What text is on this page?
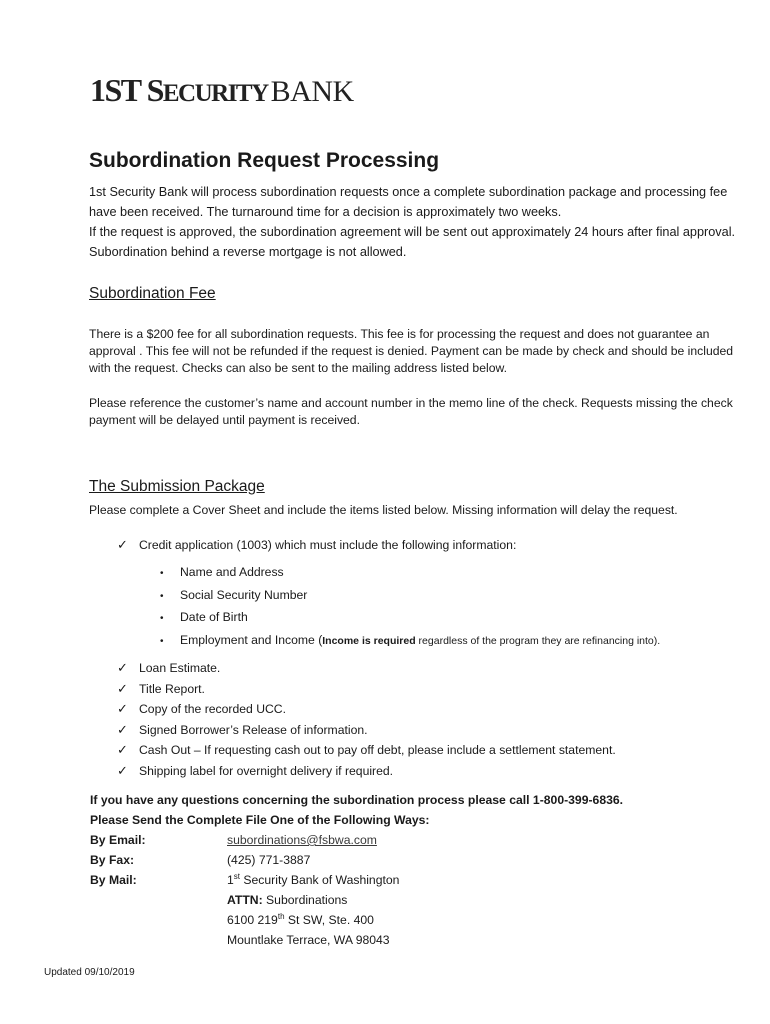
1ST SECURITY BANK
Subordination Request Processing

1st Security Bank will process subordination requests once a complete subordination package and processing fee have been received. The turnaround time for a decision is approximately two weeks.

If the request is approved, the subordination agreement will be sent out approximately 24 hours after final approval. Subordination behind a reverse mortgage is not allowed.

Subordination Fee

There is a $200 fee for all subordination requests. This fee is for processing the request and does not guarantee an approval . This fee will not be refunded if the request is denied. Payment can be made by check and should be included with the request. Checks can also be sent to the mailing address listed below.

Please reference the customer’s name and account number in the memo line of the check. Requests missing the check payment will be delayed until payment is received.

The Submission Package

Please complete a Cover Sheet and include the items listed below. Missing information will delay the request.

✓ Credit application (1003) which must include the following information:
• Name and Address
• Social Security Number
• Date of Birth
• Employment and Income (Income is required regardless of the program they are refinancing into).
✓ Loan Estimate.
✓ Title Report.
✓ Copy of the recorded UCC.
✓ Signed Borrower’s Release of information.
✓ Cash Out – If requesting cash out to pay off debt, please include a settlement statement.
✓ Shipping label for overnight delivery if required.
If you have any questions concerning the subordination process please call 1-800-399-6836.
Please Send the Complete File One of the Following Ways:
By Email:	subordinations@fsbwa.com
By Fax:	(425) 771-3887
By Mail:	1st Security Bank of Washington
ATTN: Subordinations
6100 219th St SW, Ste. 400
Mountlake Terrace, WA 98043
Updated 09/10/2019
